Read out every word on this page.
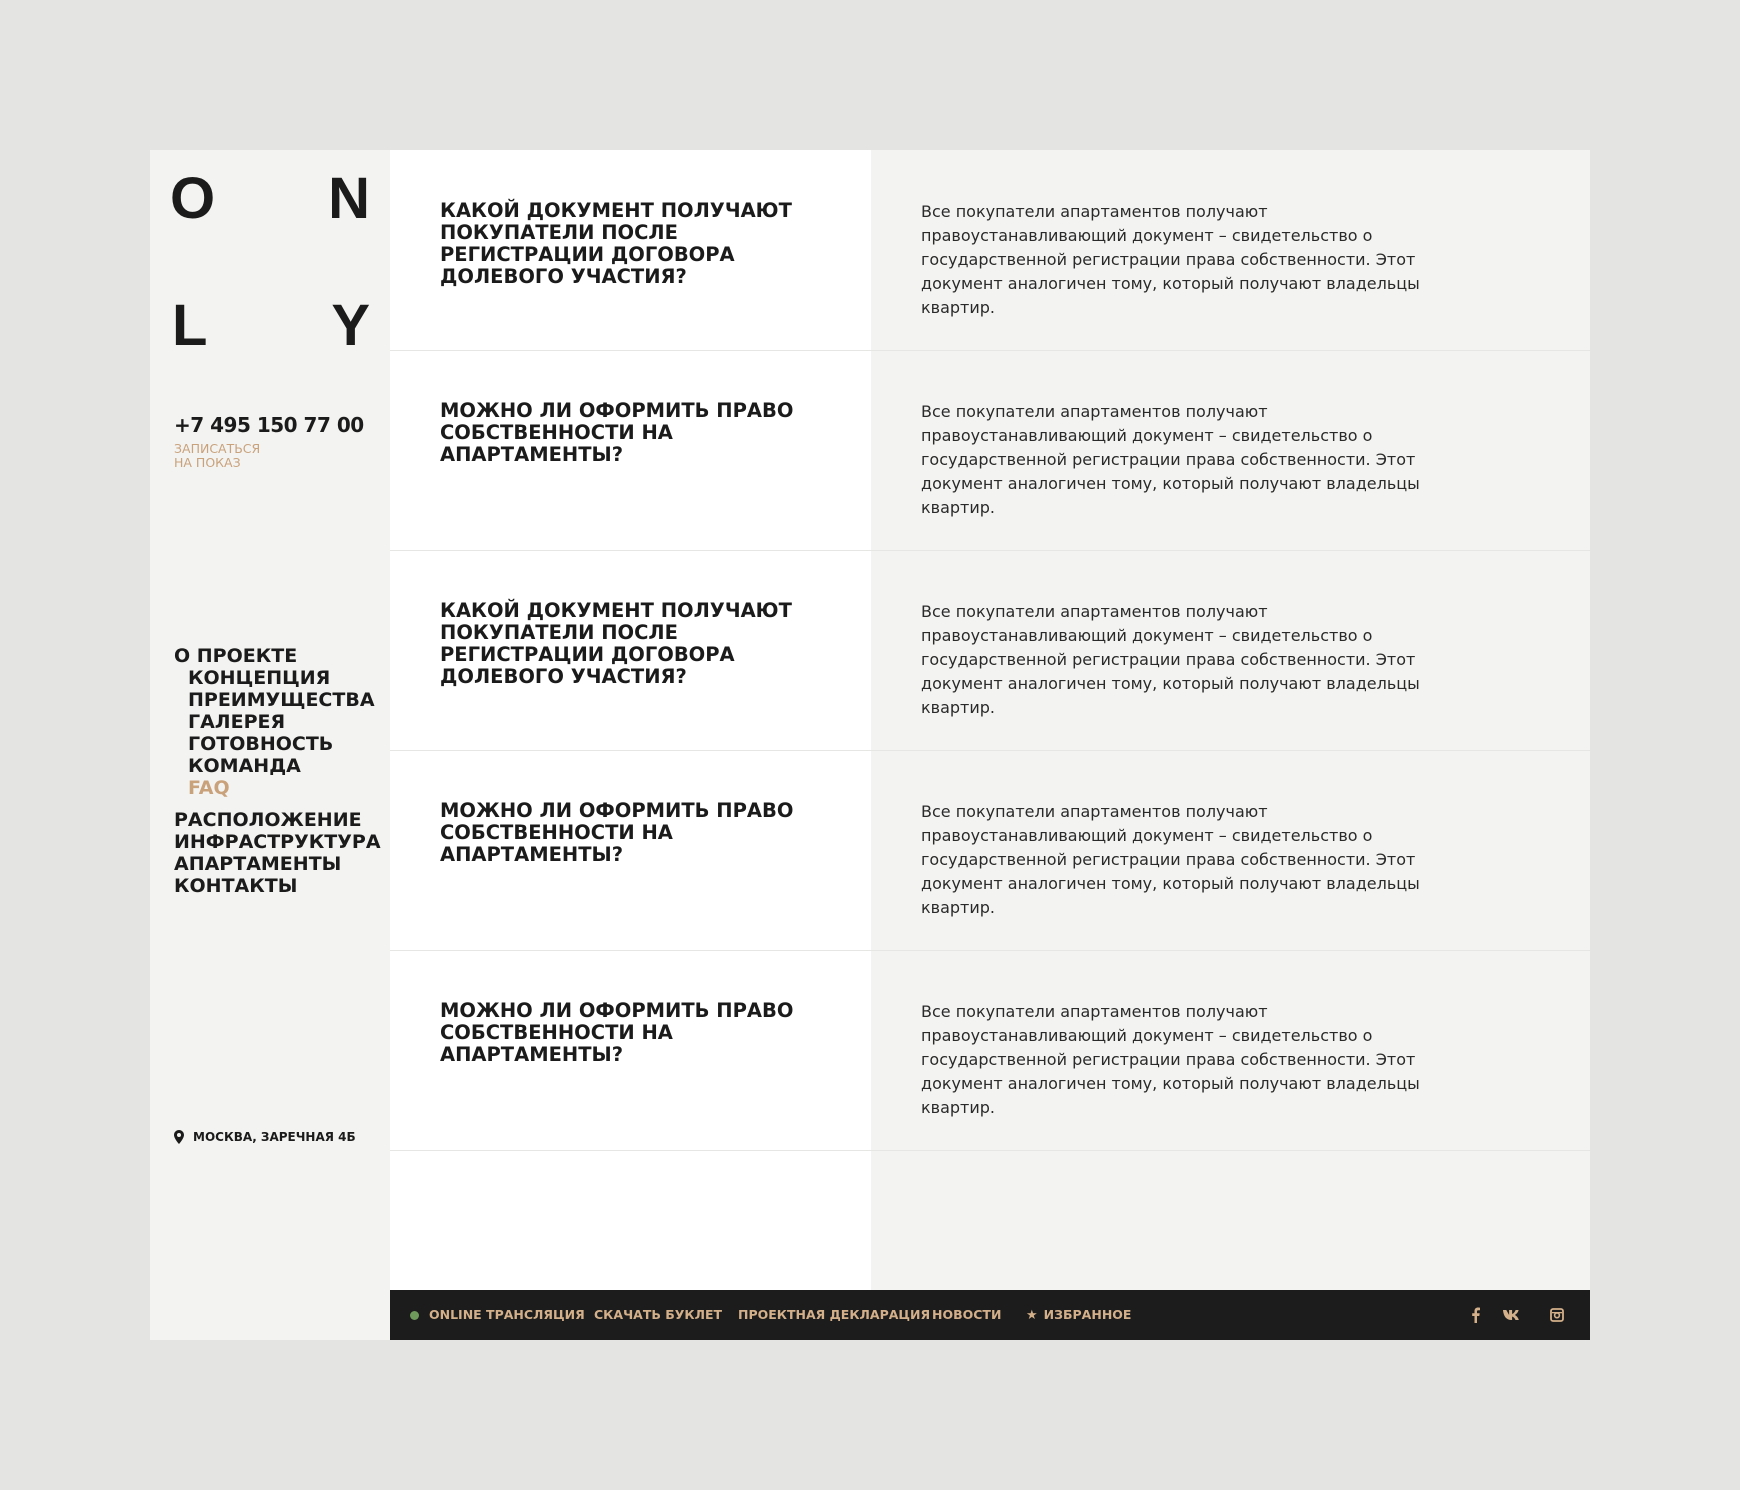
O N
L Y
+7 495 150 77 00
ЗАПИСАТЬСЯ
НА ПОКАЗ
О ПРОЕКТЕ
КОНЦЕПЦИЯ
ПРЕИМУЩЕСТВА
ГАЛЕРЕЯ
ГОТОВНОСТЬ
КОМАНДА
FAQ
РАСПОЛОЖЕНИЕ
ИНФРАСТРУКТУРА
АПАРТАМЕНТЫ
КОНТАКТЫ
МОСКВА, ЗАРЕЧНАЯ 4Б
КАКОЙ ДОКУМЕНТ ПОЛУЧАЮТ ПОКУПАТЕЛИ ПОСЛЕ РЕГИСТРАЦИИ ДОГОВОРА ДОЛЕВОГО УЧАСТИЯ?
Все покупатели апартаментов получают правоустанавливающий документ – свидетельство о государственной регистрации права собственности. Этот документ аналогичен тому, который получают владельцы квартир.
МОЖНО ЛИ ОФОРМИТЬ ПРАВО СОБСТВЕННОСТИ НА АПАРТАМЕНТЫ?
Все покупатели апартаментов получают правоустанавливающий документ – свидетельство о государственной регистрации права собственности. Этот документ аналогичен тому, который получают владельцы квартир.
КАКОЙ ДОКУМЕНТ ПОЛУЧАЮТ ПОКУПАТЕЛИ ПОСЛЕ РЕГИСТРАЦИИ ДОГОВОРА ДОЛЕВОГО УЧАСТИЯ?
Все покупатели апартаментов получают правоустанавливающий документ – свидетельство о государственной регистрации права собственности. Этот документ аналогичен тому, который получают владельцы квартир.
МОЖНО ЛИ ОФОРМИТЬ ПРАВО СОБСТВЕННОСТИ НА АПАРТАМЕНТЫ?
Все покупатели апартаментов получают правоустанавливающий документ – свидетельство о государственной регистрации права собственности. Этот документ аналогичен тому, который получают владельцы квартир.
МОЖНО ЛИ ОФОРМИТЬ ПРАВО СОБСТВЕННОСТИ НА АПАРТАМЕНТЫ?
Все покупатели апартаментов получают правоустанавливающий документ – свидетельство о государственной регистрации права собственности. Этот документ аналогичен тому, который получают владельцы квартир.
ONLINE ТРАНСЛЯЦИЯ СКАЧАТЬ БУКЛЕТ ПРОЕКТНАЯ ДЕКЛАРАЦИЯ НОВОСТИ ★ ИЗБРАННОЕ
